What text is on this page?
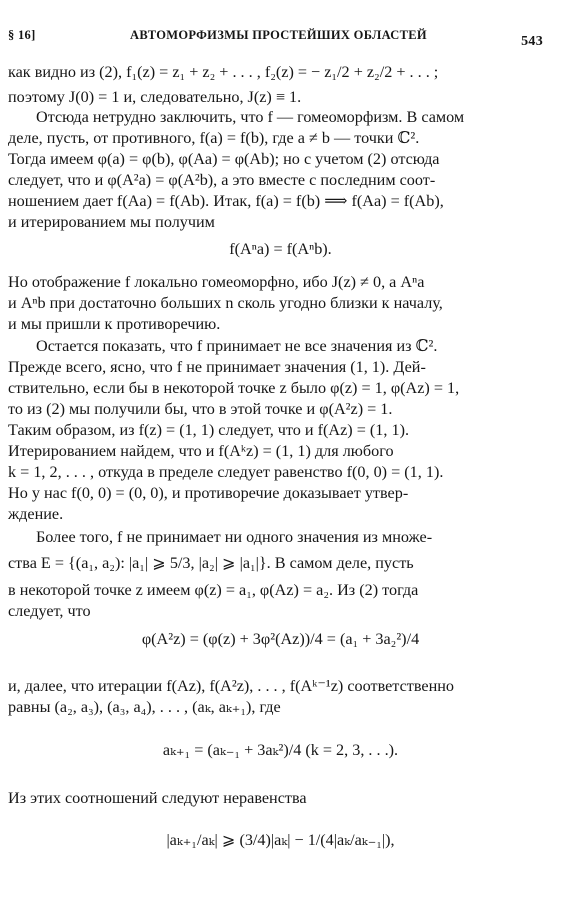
§ 16]	АВТОМОРФИЗМЫ ПРОСТЕЙШИХ ОБЛАСТЕЙ	543
как видно из (2), f₁(z) = z₁ + z₂ + . . . , f₂(z) = − z₁/2 + z₂/2 + . . . ;
поэтому J(0) = 1 и, следовательно, J(z) ≡ 1.
Отсюда нетрудно заключить, что f — гомеоморфизм. В самом
деле, пусть, от противного, f(a) = f(b), где a ≠ b — точки ℂ².
Тогда имеем φ(a) = φ(b), φ(Aa) = φ(Ab); но с учетом (2) отсюда
следует, что и φ(A²a) = φ(A²b), а это вместе с последним соот-
ношением дает f(Aa) = f(Ab). Итак, f(a) = f(b) ⟹ f(Aa) = f(Ab),
и итерированием мы получим
f(Aⁿa) = f(Aⁿb).
Но отображение f локально гомеоморфно, ибо J(z) ≠ 0, а Aⁿa
и Aⁿb при достаточно больших n сколь угодно близки к началу,
и мы пришли к противоречию.
Остается показать, что f принимает не все значения из ℂ².
Прежде всего, ясно, что f не принимает значения (1, 1). Дей-
ствительно, если бы в некоторой точке z было φ(z) = 1, φ(Az) = 1,
то из (2) мы получили бы, что в этой точке и φ(A²z) = 1.
Таким образом, из f(z) = (1, 1) следует, что и f(Az) = (1, 1).
Итерированием найдем, что и f(Aᵏz) = (1, 1) для любого
k = 1, 2, . . . , откуда в пределе следует равенство f(0, 0) = (1, 1).
Но у нас f(0, 0) = (0, 0), и противоречие доказывает утвер-
ждение.
Более того, f не принимает ни одного значения из множе-
ства E = {(a₁, a₂): |a₁| ⩾ 5/3, |a₂| ⩾ |a₁|}. В самом деле, пусть
в некоторой точке z имеем φ(z) = a₁, φ(Az) = a₂. Из (2) тогда
следует, что
φ(A²z) = (φ(z) + 3φ²(Az))/4 = (a₁ + 3a₂²)/4
и, далее, что итерации f(Az), f(A²z), . . . , f(Aᵏ⁻¹z) соответственно
равны (a₂, a₃), (a₃, a₄), . . . , (aₖ, aₖ₊₁), где
aₖ₊₁ = (aₖ₋₁ + 3aₖ²)/4 (k = 2, 3, . . .).
Из этих соотношений следуют неравенства
|aₖ₊₁/aₖ| ⩾ (3/4)|aₖ| − 1/(4|aₖ/aₖ₋₁|),
